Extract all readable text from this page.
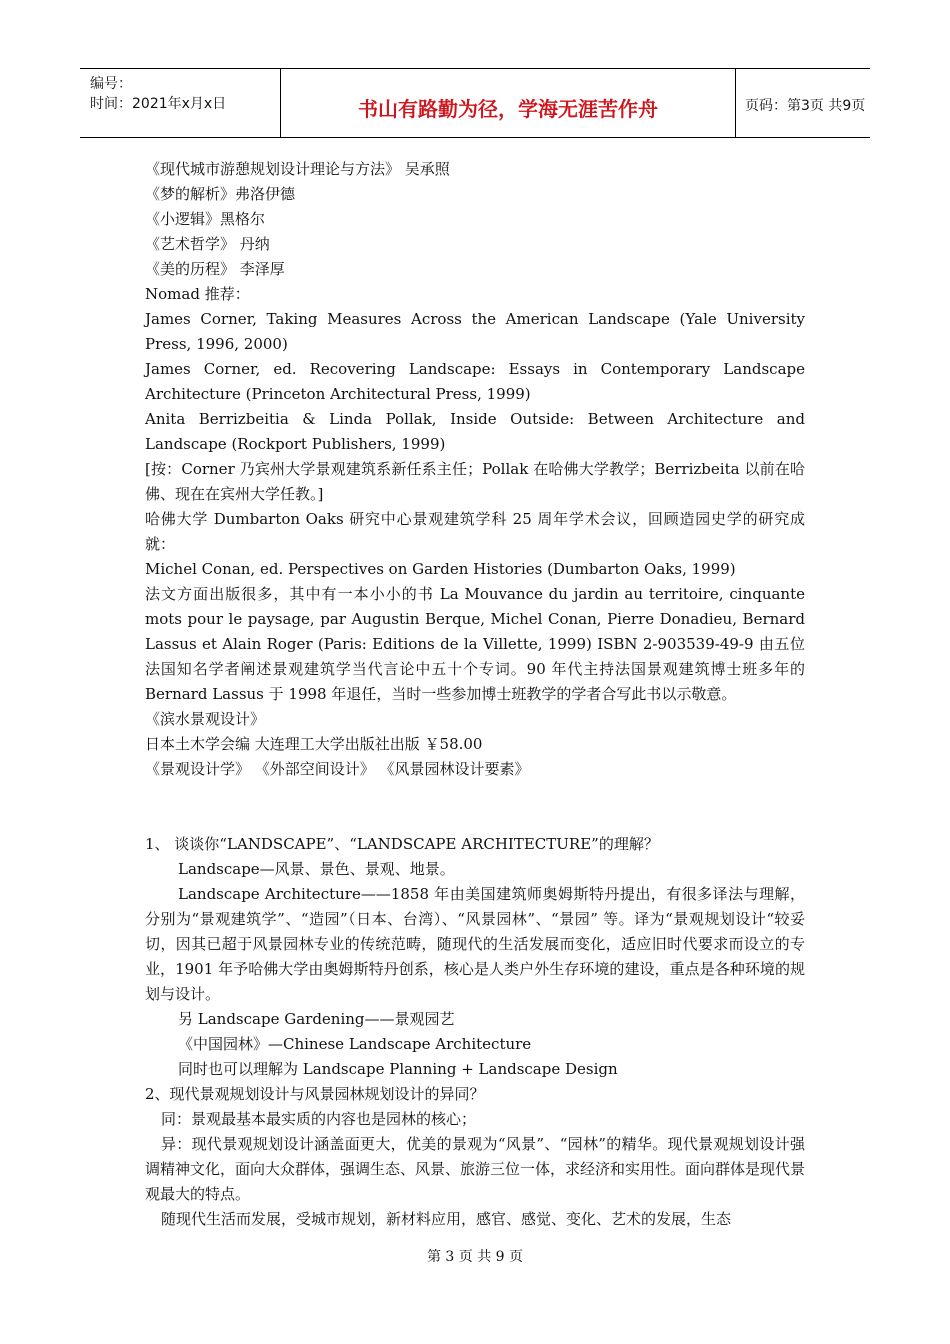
编号：
时间：2021年x月x日	书山有路勤为径，学海无涯苦作舟	页码：第3页 共9页
《现代城市游憩规划设计理论与方法》 吴承照
《梦的解析》弗洛伊德
《小逻辑》黑格尔
《艺术哲学》 丹纳
《美的历程》 李泽厚
Nomad 推荐：
James Corner, Taking Measures Across the American Landscape (Yale University Press, 1996, 2000)
James Corner, ed. Recovering Landscape: Essays in Contemporary Landscape Architecture (Princeton Architectural Press, 1999)
Anita Berrizbeitia & Linda Pollak, Inside Outside: Between Architecture and Landscape (Rockport Publishers, 1999)
[按：Corner 乃宾州大学景观建筑系新任系主任；Pollak 在哈佛大学教学；Berrizbeita 以前在哈佛、现在在宾州大学任教。]
哈佛大学 Dumbarton Oaks 研究中心景观建筑学科 25 周年学术会议，回顾造园史学的研究成就：
Michel Conan, ed. Perspectives on Garden Histories (Dumbarton Oaks, 1999)
法文方面出版很多，其中有一本小小的书 La Mouvance du jardin au territoire, cinquante mots pour le paysage, par Augustin Berque, Michel Conan, Pierre Donadieu, Bernard Lassus et Alain Roger (Paris: Editions de la Villette, 1999) ISBN 2-903539-49-9 由五位法国知名学者阐述景观建筑学当代言论中五十个专词。90 年代主持法国景观建筑博士班多年的 Bernard Lassus 于 1998 年退任，当时一些参加博士班教学的学者合写此书以示敬意。
《滨水景观设计》
日本土木学会编 大连理工大学出版社出版 ￥58.00
《景观设计学》 《外部空间设计》 《风景园林设计要素》
1、 谈谈你“LANDSCAPE”、“LANDSCAPE ARCHITECTURE”的理解？
Landscape—风景、景色、景观、地景。
Landscape Architecture——1858 年由美国建筑师奥姆斯特丹提出，有很多译法与理解，分别为“景观建筑学”、“造园”（日本、台湾）、“风景园林”、“景园” 等。译为“景观规划设计“较妥切，因其已超于风景园林专业的传统范畴，随现代的生活发展而变化，适应旧时代要求而设立的专业，1901 年予哈佛大学由奥姆斯特丹创系，核心是人类户外生存环境的建设，重点是各种环境的规划与设计。
另 Landscape Gardening——景观园艺
《中国园林》—Chinese Landscape Architecture
同时也可以理解为 Landscape Planning + Landscape Design
2、现代景观规划设计与风景园林规划设计的异同？
同：景观最基本最实质的内容也是园林的核心；
异：现代景观规划设计涵盖面更大，优美的景观为“风景”、“园林”的精华。现代景观规划设计强调精神文化，面向大众群体，强调生态、风景、旅游三位一体，求经济和实用性。面向群体是现代景观最大的特点。
随现代生活而发展，受城市规划，新材料应用，感官、感觉、变化、艺术的发展，生态
第 3 页 共 9 页
